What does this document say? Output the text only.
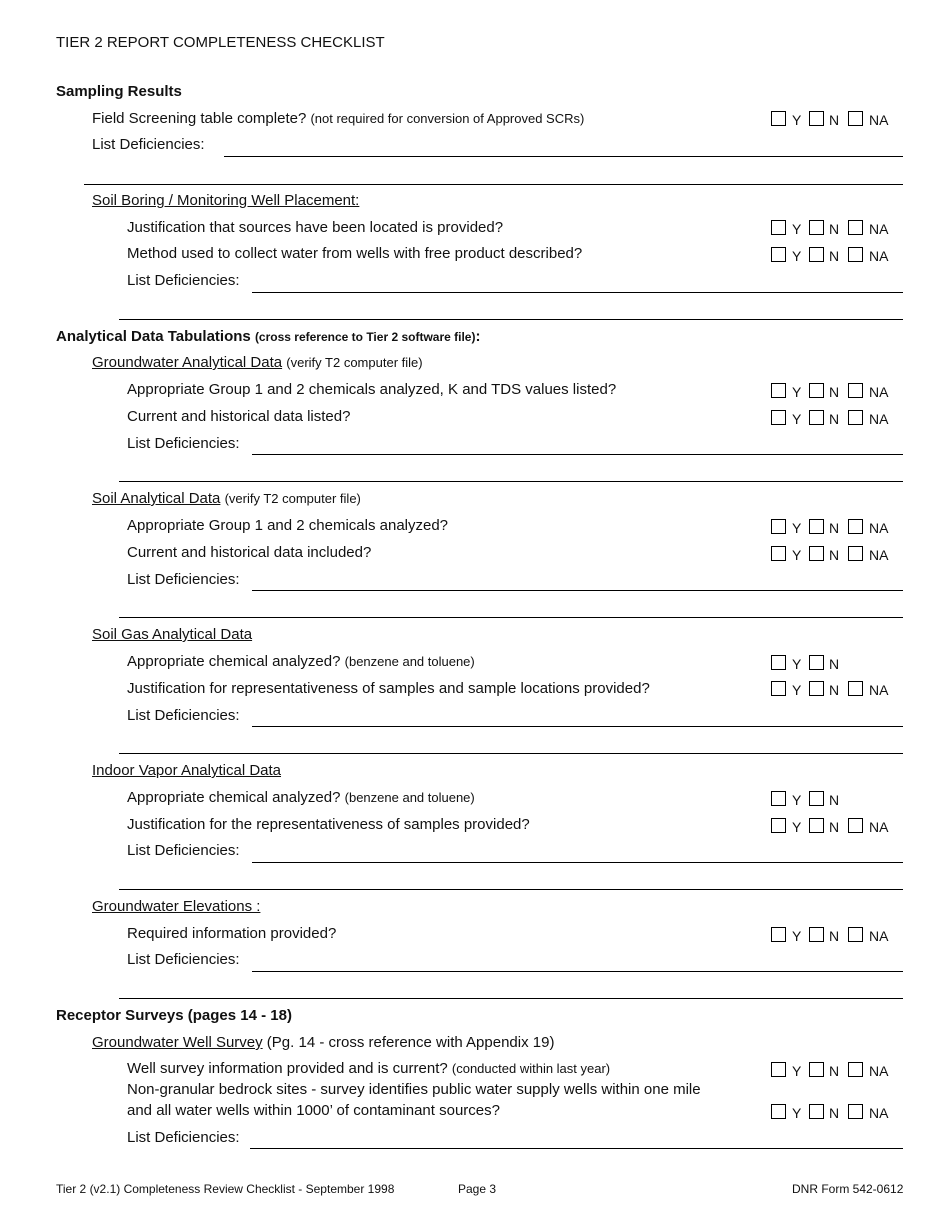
TIER 2 REPORT COMPLETENESS CHECKLIST
Sampling Results
Field Screening table complete? (not required for conversion of Approved SCRs)	Y N NA
List Deficiencies:
Soil Boring / Monitoring Well Placement:
Justification that sources have been located is provided?	Y N NA
Method used to collect water from wells with free product described?	Y N NA
List Deficiencies:
Analytical Data Tabulations (cross reference to Tier 2 software file):
Groundwater Analytical Data (verify T2 computer file)
Appropriate Group 1 and 2 chemicals analyzed, K and TDS values listed?	Y N NA
Current and historical data listed?	Y N NA
List Deficiencies:
Soil Analytical Data (verify T2 computer file)
Appropriate Group 1 and 2 chemicals analyzed?	Y N NA
Current and historical data included?	Y N NA
List Deficiencies:
Soil Gas Analytical Data
Appropriate chemical analyzed? (benzene and toluene)	Y N
Justification for representativeness of samples and sample locations provided?	Y N NA
List Deficiencies:
Indoor Vapor Analytical Data
Appropriate chemical analyzed? (benzene and toluene)	Y N
Justification for the representativeness of samples provided?	Y N NA
List Deficiencies:
Groundwater Elevations :
Required information provided?	Y N NA
List Deficiencies:
Receptor Surveys (pages 14 - 18)
Groundwater Well Survey (Pg. 14 - cross reference with Appendix 19)
Well survey information provided and is current? (conducted within last year)	Y N NA
Non-granular bedrock sites - survey identifies public water supply wells within one mile
and all water wells within 1000’ of contaminant sources?	Y N NA
List Deficiencies:
Tier 2 (v2.1) Completeness Review Checklist - September 1998	Page 3	DNR Form 542-0612
